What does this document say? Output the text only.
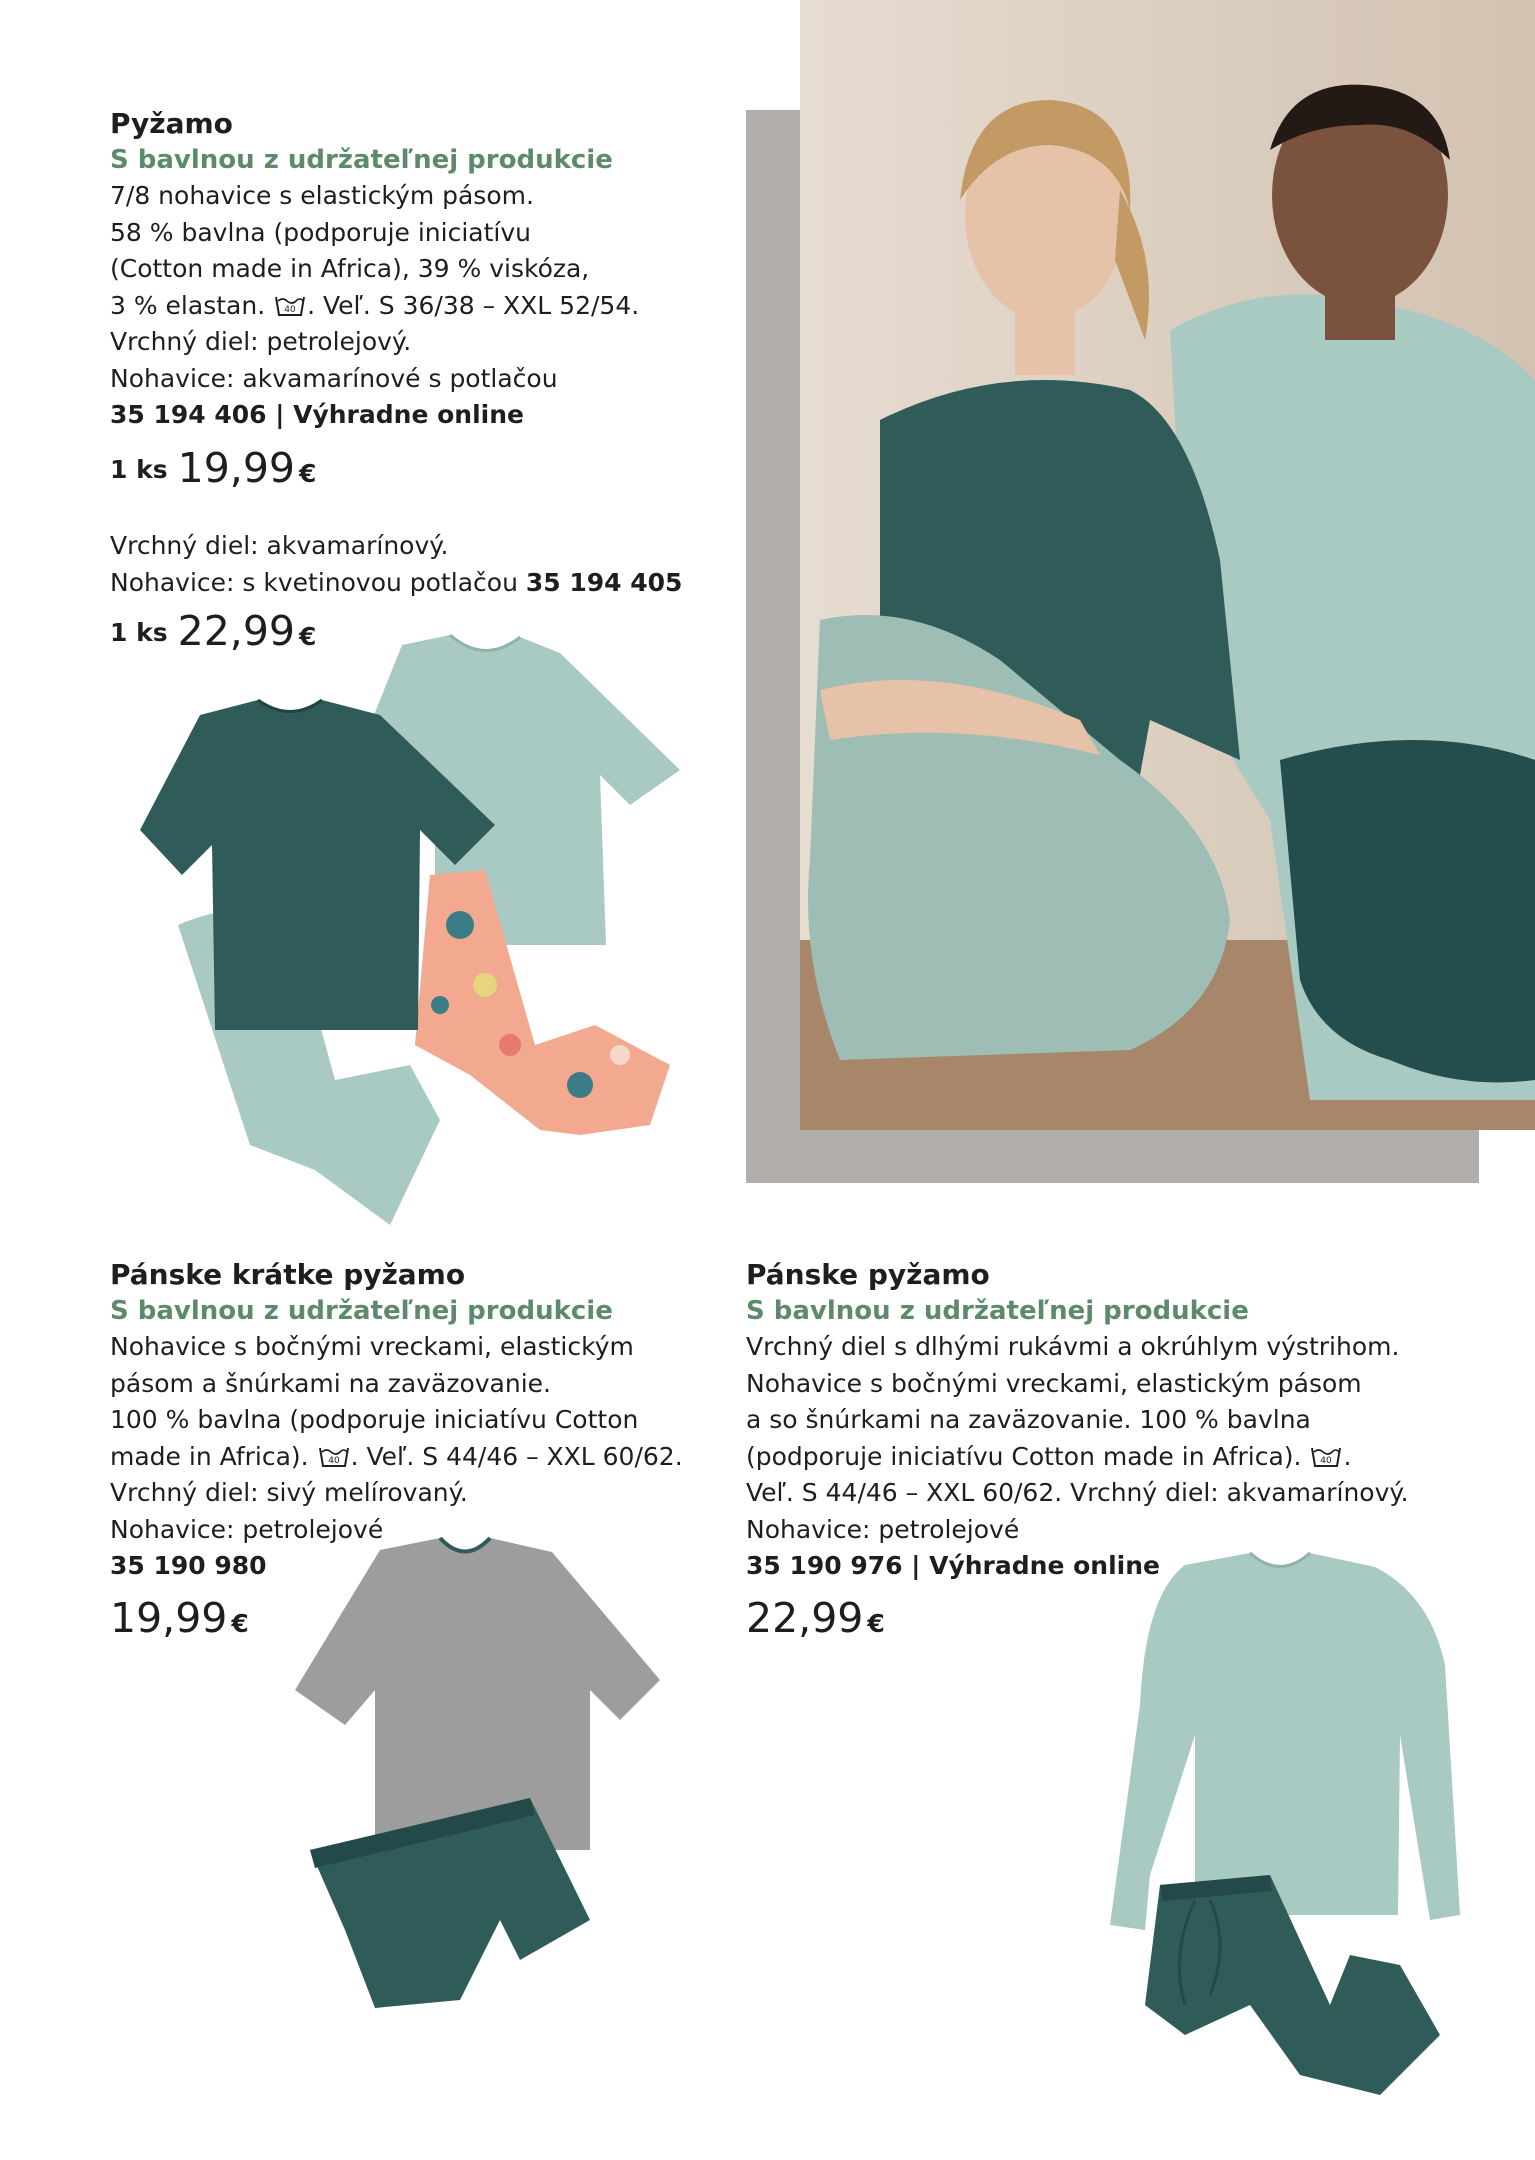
Pyžamo
S bavlnou z udržateľnej produkcie
7/8 nohavice s elastickým pásom.
58 % bavlna (podporuje iniciatívu
(Cotton made in Africa), 39 % viskóza,
3 % elastan. 40 . Veľ. S 36/38 – XXL 52/54.
Vrchný diel: petrolejový.
Nohavice: akvamarínové s potlačou
35 194 406 | Výhradne online
1 ks 19,99 €
Vrchný diel: akvamarínový.
Nohavice: s kvetinovou potlačou 35 194 405
1 ks 22,99 €
Pánske krátke pyžamo
S bavlnou z udržateľnej produkcie
Nohavice s bočnými vreckami, elastickým
pásom a šnúrkami na zaväzovanie.
100 % bavlna (podporuje iniciatívu Cotton
made in Africa). 40 . Veľ. S 44/46 – XXL 60/62.
Vrchný diel: sivý melírovaný.
Nohavice: petrolejové
35 190 980
19,99 €
Pánske pyžamo
S bavlnou z udržateľnej produkcie
Vrchný diel s dlhými rukávmi a okrúhlym výstrihom.
Nohavice s bočnými vreckami, elastickým pásom
a so šnúrkami na zaväzovanie. 100 % bavlna
(podporuje iniciatívu Cotton made in Africa). 40 .
Veľ. S 44/46 – XXL 60/62. Vrchný diel: akvamarínový.
Nohavice: petrolejové
35 190 976 | Výhradne online
22,99 €
